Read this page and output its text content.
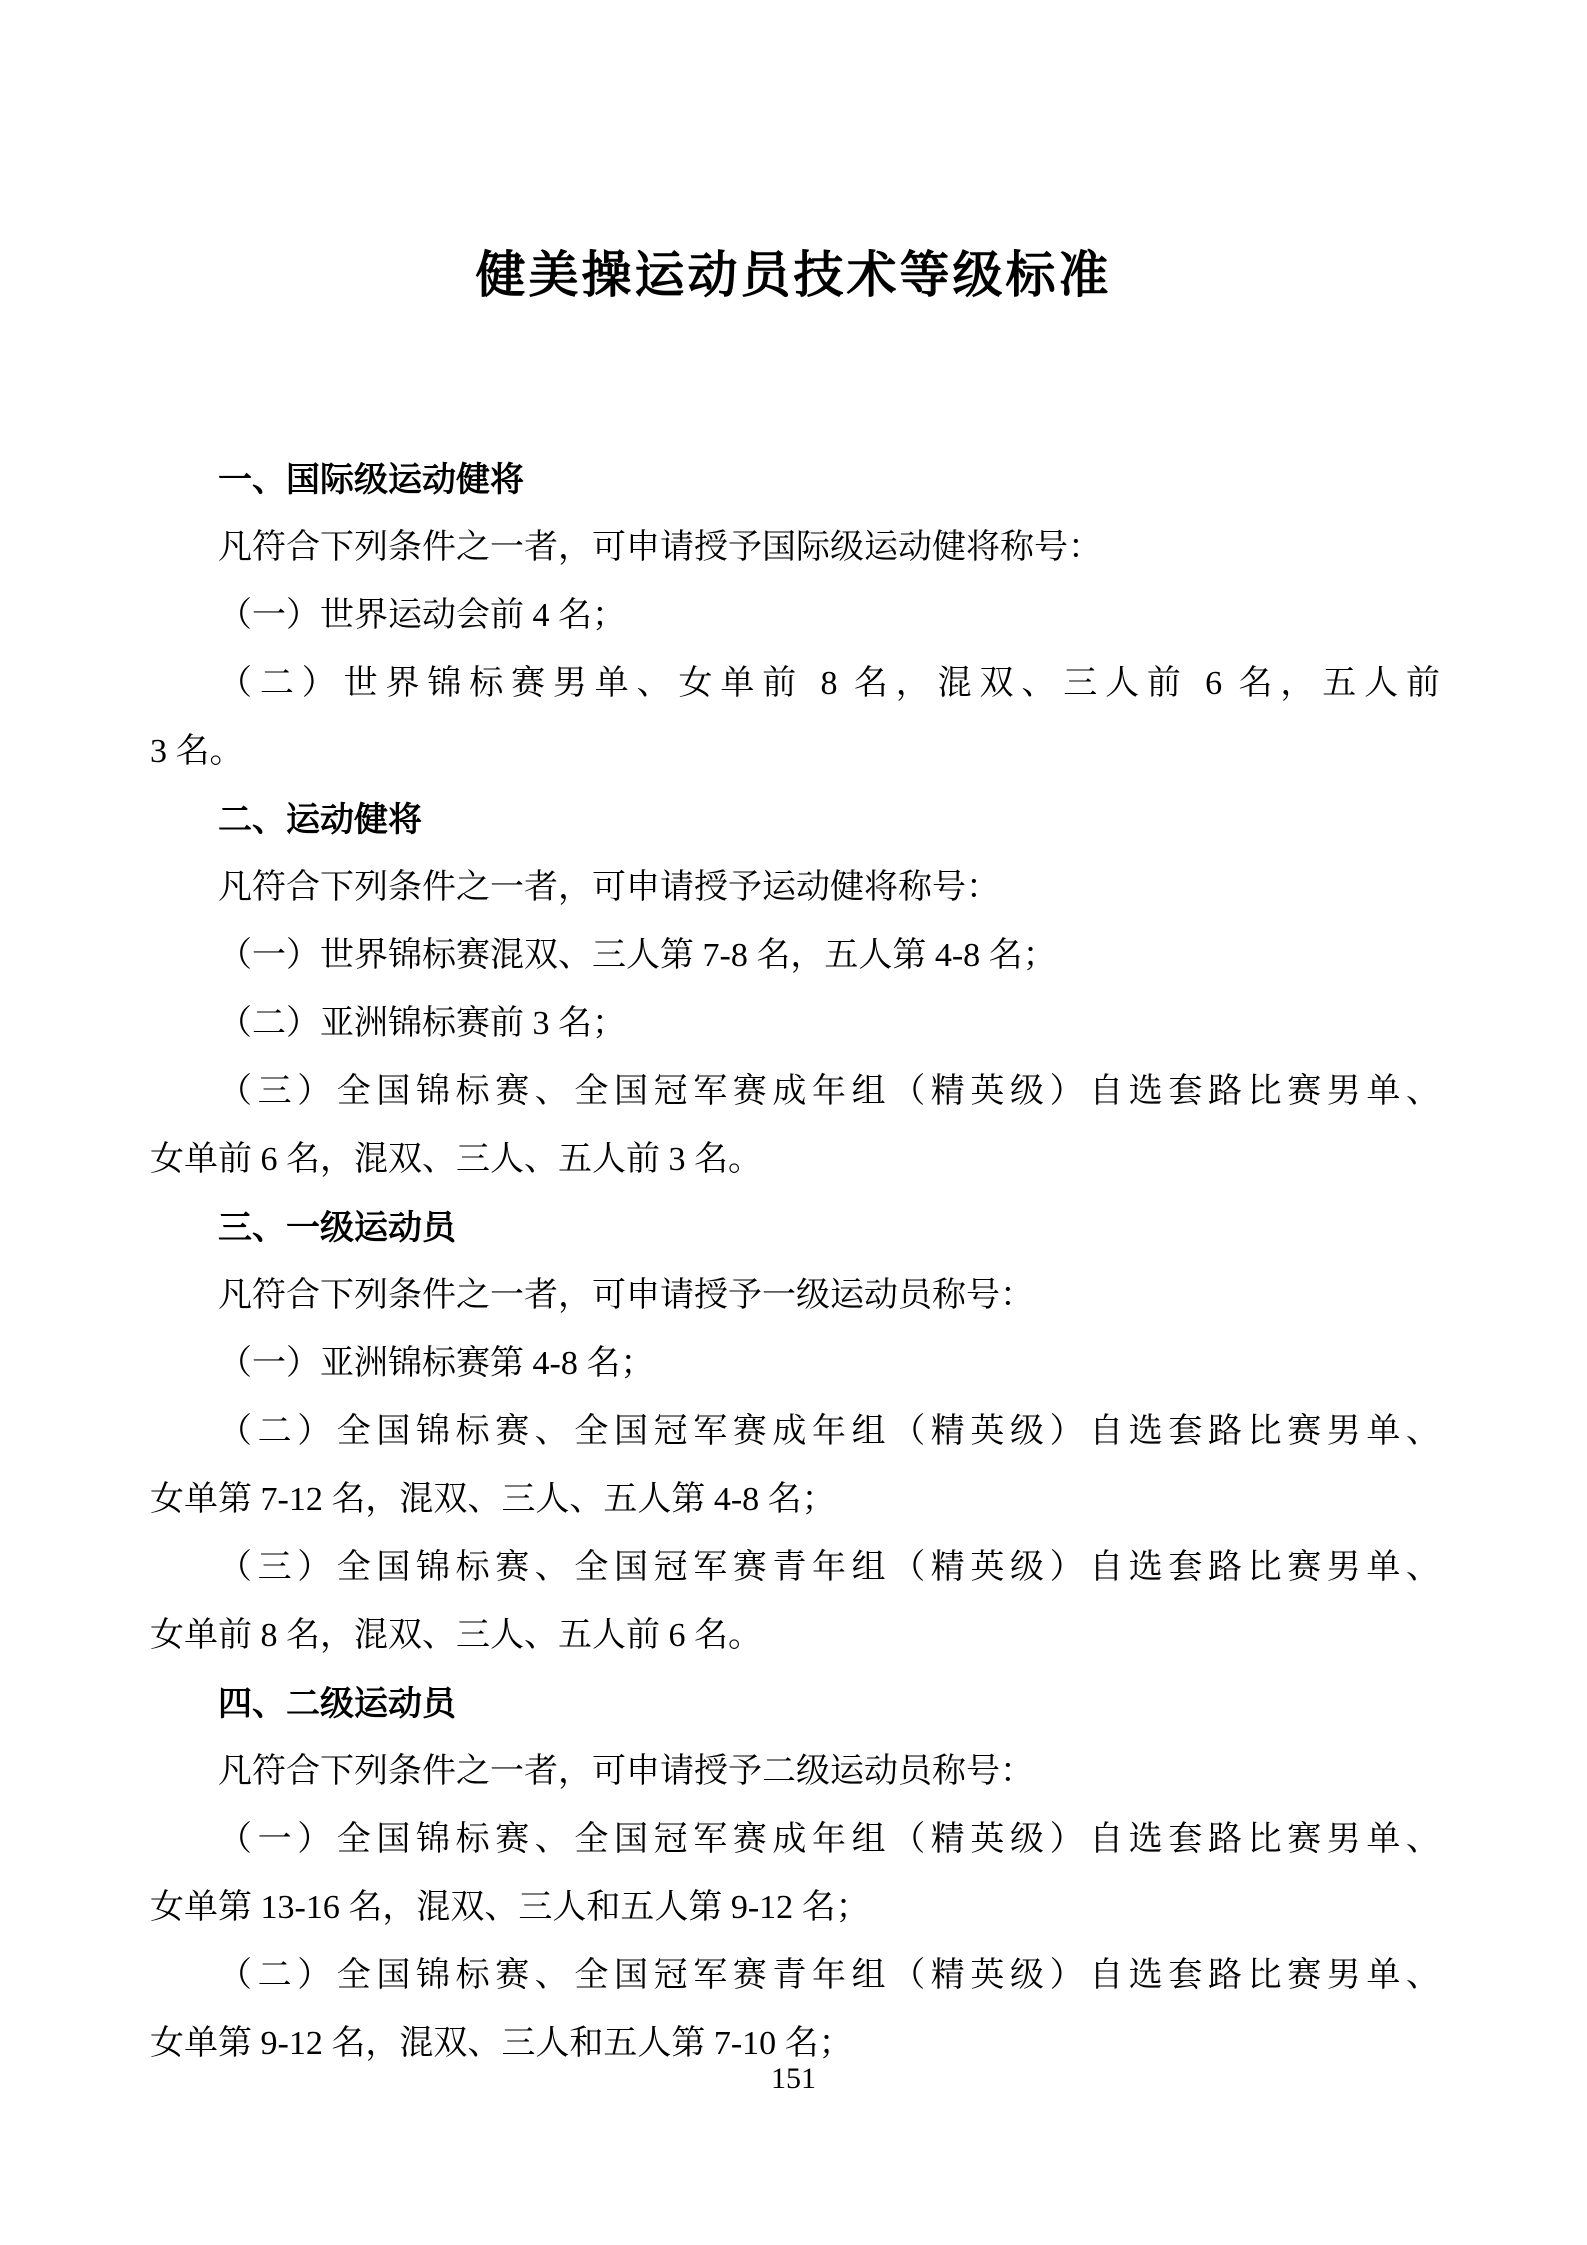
健美操运动员技术等级标准
一、国际级运动健将
凡符合下列条件之一者，可申请授予国际级运动健将称号：
（一）世界运动会前 4 名；
（二）世界锦标赛男单、女单前 8 名，混双、三人前 6 名，五人前
3 名。
二、运动健将
凡符合下列条件之一者，可申请授予运动健将称号：
（一）世界锦标赛混双、三人第 7-8 名，五人第 4-8 名；
（二）亚洲锦标赛前 3 名；
（三）全国锦标赛、全国冠军赛成年组（精英级）自选套路比赛男单、
女单前 6 名，混双、三人、五人前 3 名。
三、一级运动员
凡符合下列条件之一者，可申请授予一级运动员称号：
（一）亚洲锦标赛第 4-8 名；
（二）全国锦标赛、全国冠军赛成年组（精英级）自选套路比赛男单、
女单第 7-12 名，混双、三人、五人第 4-8 名；
（三）全国锦标赛、全国冠军赛青年组（精英级）自选套路比赛男单、
女单前 8 名，混双、三人、五人前 6 名。
四、二级运动员
凡符合下列条件之一者，可申请授予二级运动员称号：
（一）全国锦标赛、全国冠军赛成年组（精英级）自选套路比赛男单、
女单第 13-16 名，混双、三人和五人第 9-12 名；
（二）全国锦标赛、全国冠军赛青年组（精英级）自选套路比赛男单、
女单第 9-12 名，混双、三人和五人第 7-10 名；
151
